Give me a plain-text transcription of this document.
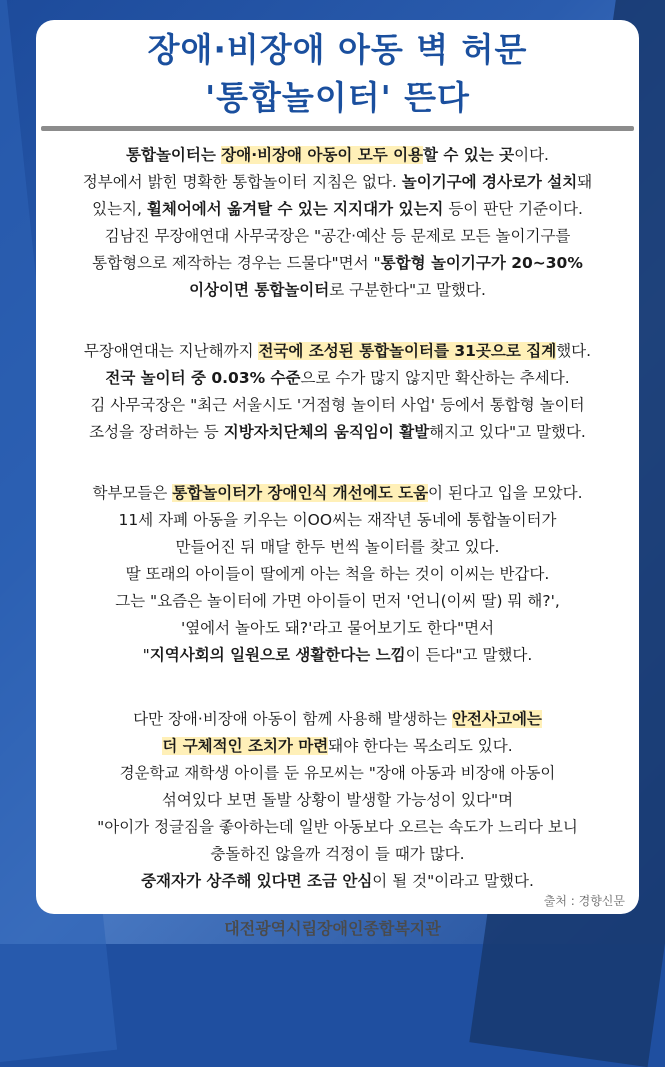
장애·비장애 아동 벽 허문
'통합놀이터' 뜬다
통합놀이터는 장애·비장애 아동이 모두 이용할 수 있는 곳이다.
정부에서 밝힌 명확한 통합놀이터 지침은 없다. 놀이기구에 경사로가 설치돼
있는지, 휠체어에서 옮겨탈 수 있는 지지대가 있는지 등이 판단 기준이다.
김남진 무장애연대 사무국장은 "공간·예산 등 문제로 모든 놀이기구를
통합형으로 제작하는 경우는 드물다"면서 "통합형 놀이기구가 20~30%
이상이면 통합놀이터로 구분한다"고 말했다.
무장애연대는 지난해까지 전국에 조성된 통합놀이터를 31곳으로 집계했다.
전국 놀이터 중 0.03% 수준으로 수가 많지 않지만 확산하는 추세다.
김 사무국장은 "최근 서울시도 '거점형 놀이터 사업' 등에서 통합형 놀이터
조성을 장려하는 등 지방자치단체의 움직임이 활발해지고 있다"고 말했다.
학부모들은 통합놀이터가 장애인식 개선에도 도움이 된다고 입을 모았다.
11세 자폐 아동을 키우는 이OO씨는 재작년 동네에 통합놀이터가
만들어진 뒤 매달 한두 번씩 놀이터를 찾고 있다.
딸 또래의 아이들이 딸에게 아는 척을 하는 것이 이씨는 반갑다.
그는 "요즘은 놀이터에 가면 아이들이 먼저 '언니(이씨 딸) 뭐 해?',
'옆에서 놀아도 돼?'라고 물어보기도 한다"면서
"지역사회의 일원으로 생활한다는 느낌이 든다"고 말했다.
다만 장애·비장애 아동이 함께 사용해 발생하는 안전사고에는
더 구체적인 조치가 마련돼야 한다는 목소리도 있다.
경운학교 재학생 아이를 둔 유모씨는 "장애 아동과 비장애 아동이
섞여있다 보면 돌발 상황이 발생할 가능성이 있다"며
"아이가 정글짐을 좋아하는데 일반 아동보다 오르는 속도가 느리다 보니
충돌하진 않을까 걱정이 들 때가 많다.
중재자가 상주해 있다면 조금 안심이 될 것"이라고 말했다.
출처 : 경향신문
대전광역시립장애인종합복지관
